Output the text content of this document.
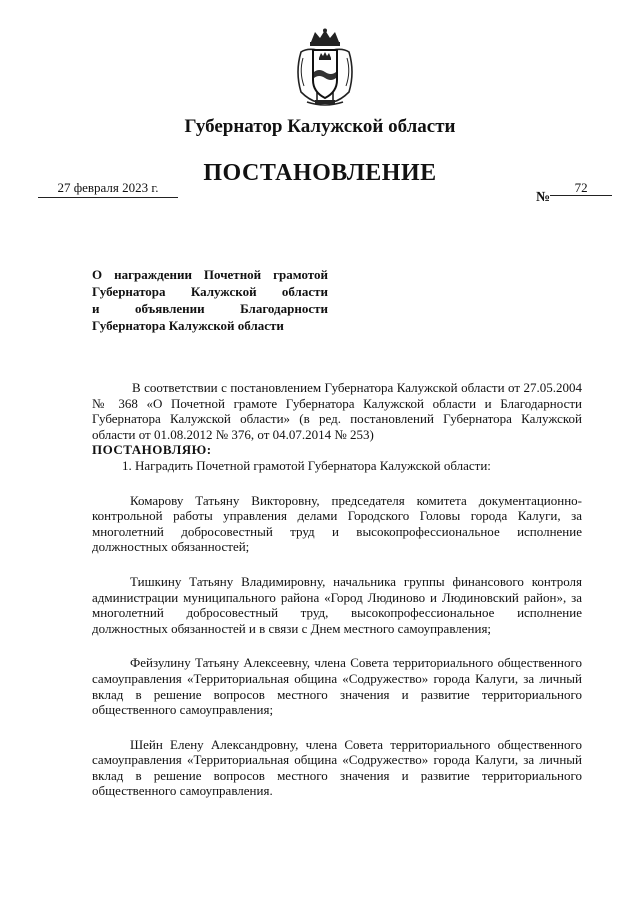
Губернатор Калужской области
ПОСТАНОВЛЕНИЕ
27 февраля 2023 г.
№
72
О награждении Почетной грамотой
Губернатора Калужской области
и объявлении Благодарности
Губернатора Калужской области

В соответствии с постановлением Губернатора Калужской области от 27.05.2004 № 368 «О Почетной грамоте Губернатора Калужской области и Благодарности Губернатора Калужской области» (в ред. постановлений Губернатора Калужской области от 01.08.2012 № 376, от 04.07.2014 № 253)

ПОСТАНОВЛЯЮ:

1. Наградить Почетной грамотой Губернатора Калужской области:

Комарову Татьяну Викторовну, председателя комитета документационно-контрольной работы управления делами Городского Головы города Калуги, за многолетний добросовестный труд и высокопрофессиональное исполнение должностных обязанностей;

Тишкину Татьяну Владимировну, начальника группы финансового контроля администрации муниципального района «Город Людиново и Людиновский район», за многолетний добросовестный труд, высокопрофессиональное исполнение должностных обязанностей и в связи с Днем местного самоуправления;

Фейзулину Татьяну Алексеевну, члена Совета территориального общественного самоуправления «Территориальная община «Содружество» города Калуги, за личный вклад в решение вопросов местного значения и развитие территориального общественного самоуправления;

Шейн Елену Александровну, члена Совета территориального общественного самоуправления «Территориальная община «Содружество» города Калуги, за личный вклад в решение вопросов местного значения и развитие территориального общественного самоуправления.
